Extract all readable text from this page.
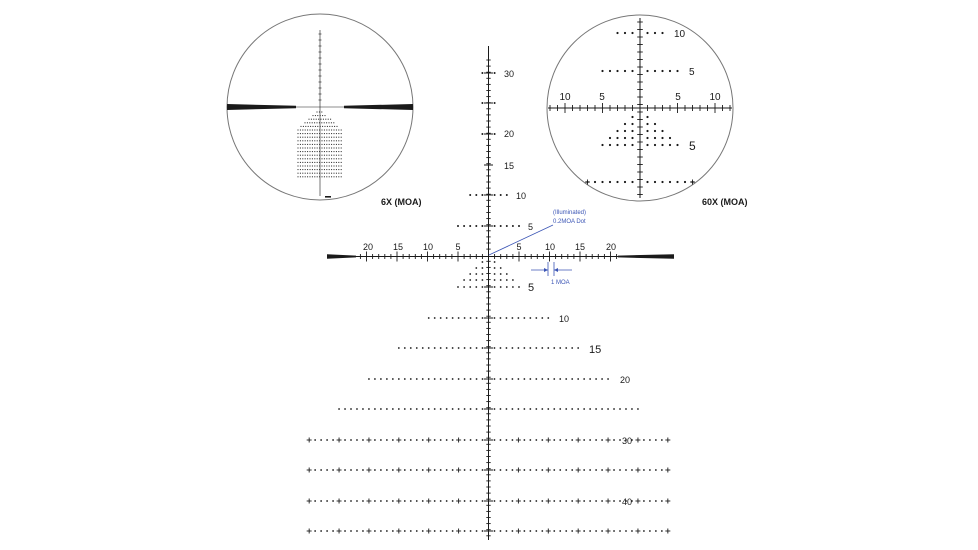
30
20
15
10
5
20 15 10 5	5	10 15 20
5
10
15
20
30
40
(Illuminated)
0.2MOA Dot
1 MOA
6X (MOA)
10
5
10	5	5	10
5
60X (MOA)
